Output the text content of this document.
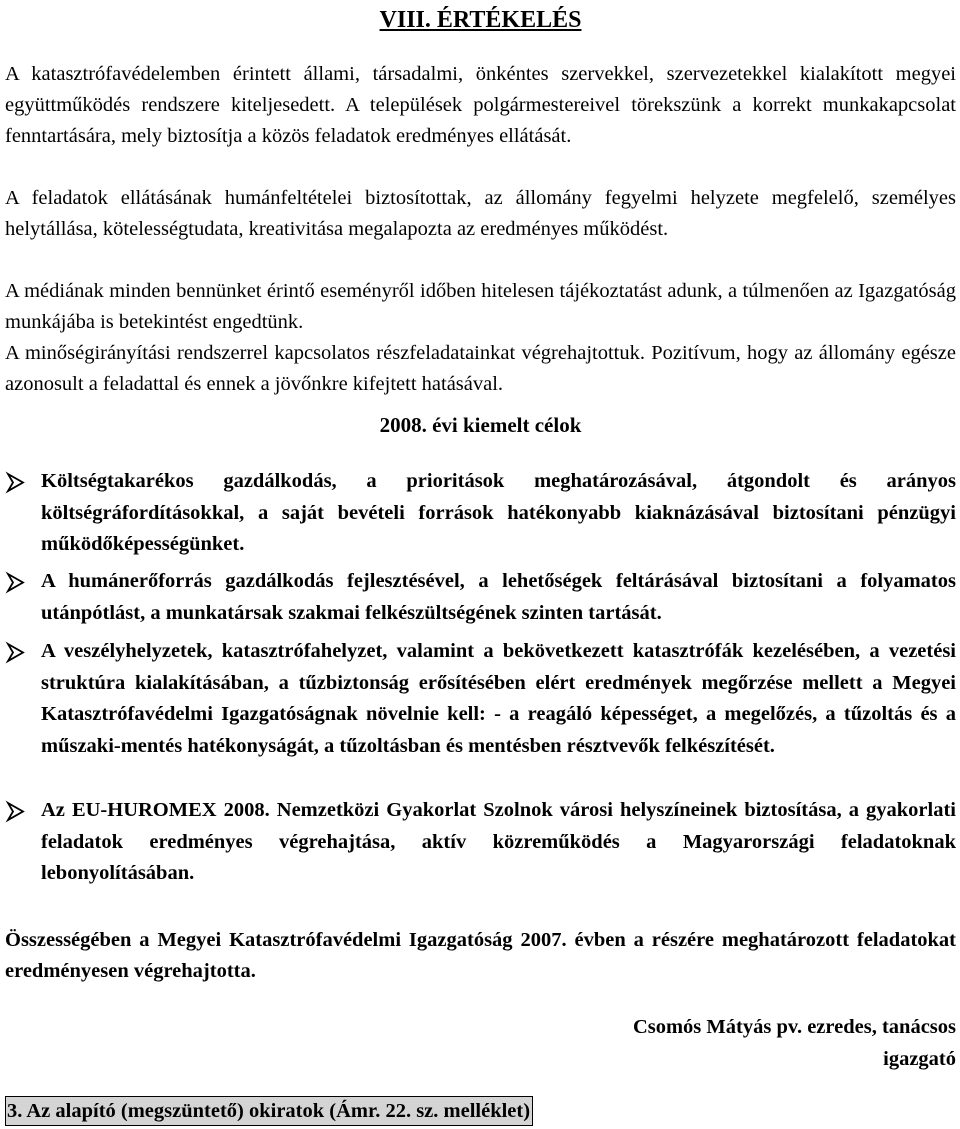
VIII. ÉRTÉKELÉS

A katasztrófavédelemben érintett állami, társadalmi, önkéntes szervekkel, szervezetekkel kialakított megyei együttműködés rendszere kiteljesedett. A települések polgármestereivel törekszünk a korrekt munkakapcsolat fenntartására, mely biztosítja a közös feladatok eredményes ellátását.

A feladatok ellátásának humánfeltételei biztosítottak, az állomány fegyelmi helyzete megfelelő, személyes helytállása, kötelességtudata, kreativitása megalapozta az eredményes működést.

A médiának minden bennünket érintő eseményről időben hitelesen tájékoztatást adunk, a túlmenően az Igazgatóság munkájába is betekintést engedtünk.

A minőségirányítási rendszerrel kapcsolatos részfeladatainkat végrehajtottuk. Pozitívum, hogy az állomány egésze azonosult a feladattal és ennek a jövőnkre kifejtett hatásával.

2008. évi kiemelt célok
Költségtakarékos gazdálkodás, a prioritások meghatározásával, átgondolt és arányos költségráfordításokkal, a saját bevételi források hatékonyabb kiaknázásával biztosítani pénzügyi működőképességünket.
A humánerőforrás gazdálkodás fejlesztésével, a lehetőségek feltárásával biztosítani a folyamatos utánpótlást, a munkatársak szakmai felkészültségének szinten tartását.
A veszélyhelyzetek, katasztrófahelyzet, valamint a bekövetkezett katasztrófák kezelésében, a vezetési struktúra kialakításában, a tűzbiztonság erősítésében elért eredmények megőrzése mellett a Megyei Katasztrófavédelmi Igazgatóságnak növelnie kell: - a reagáló képességet, a megelőzés, a tűzoltás és a műszaki-mentés hatékonyságát, a tűzoltásban és mentésben résztvevők felkészítését.
Az EU-HUROMEX 2008. Nemzetközi Gyakorlat Szolnok városi helyszíneinek biztosítása, a gyakorlati feladatok eredményes végrehajtása, aktív közreműködés a Magyarországi feladatoknak lebonyolításában.
Összességében a Megyei Katasztrófavédelmi Igazgatóság 2007. évben a részére meghatározott feladatokat eredményesen végrehajtotta.
Csomós Mátyás pv. ezredes, tanácsos
igazgató
3. Az alapító (megszüntető) okiratok (Ámr. 22. sz. melléklet)
